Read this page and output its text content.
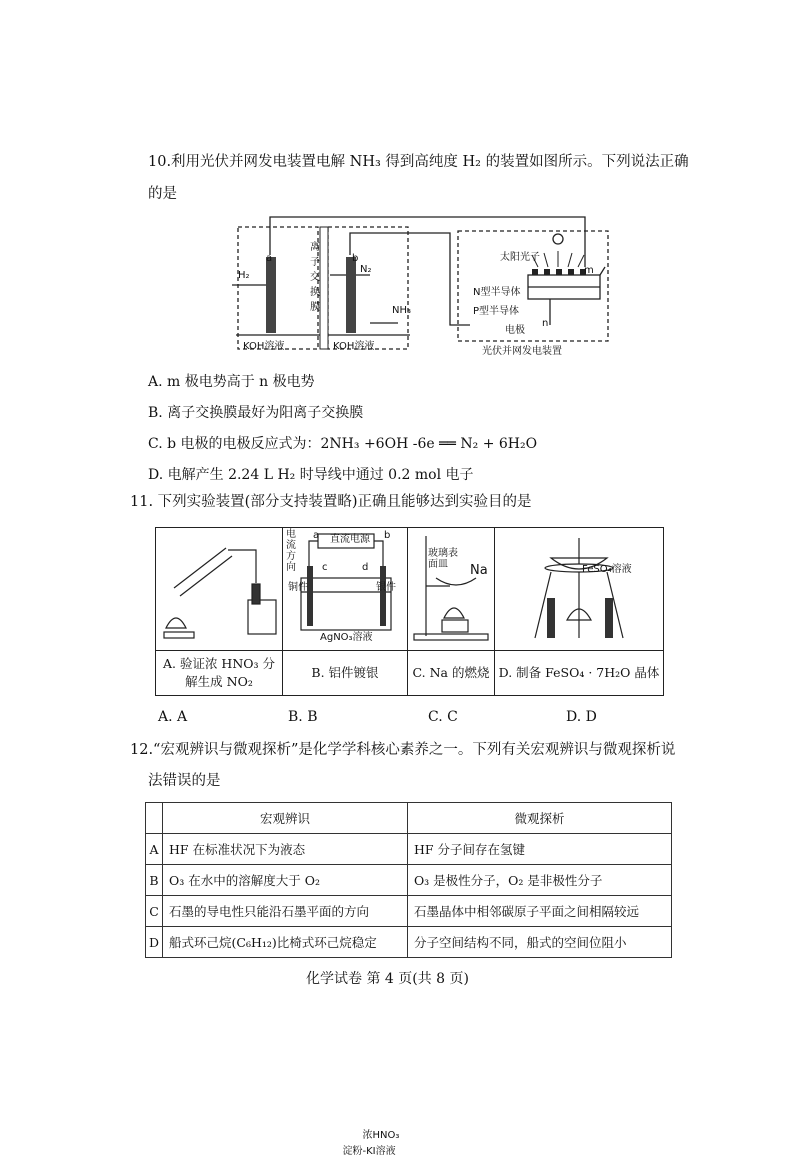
10.利用光伏并网发电装置电解 NH₃ 得到高纯度 H₂ 的装置如图所示。下列说法正确
的是
a	b
H₂
N₂
NH₃
离
子
交
换
膜
KOH溶液	KOH溶液
太阳光子
m
N型半导体
P型半导体
电极
n
光伏并网发电装置
A. m 极电势高于 n 极电势
B. 离子交换膜最好为阳离子交换膜
C. b 电极的电极反应式为：2NH₃ +6OH -6e ══ N₂ + 6H₂O
D. 电解产生 2.24 L H₂ 时导线中通过 0.2 mol 电子
11. 下列实验装置(部分支持装置略)正确且能够达到实验目的是
浓HNO₃
淀粉-KI溶液

A. 验证浓 HNO₃ 分
解生成 NO₂	B. 铝件镀银	C. Na 的燃烧	D. 制备 FeSO₄ · 7H₂O 晶体
电流方向
a 直流电源 b
c	d
铜件	银件
AgNO₃溶液
玻璃表面皿	Na	FeSO₄溶液
A. A	B. B	C. C	D. D
12.“宏观辨识与微观探析”是化学学科核心素养之一。下列有关宏观辨识与微观探析说
法错误的是
	宏观辨识	微观探析
A	HF 在标准状况下为液态	HF 分子间存在氢键
B	O₃ 在水中的溶解度大于 O₂	O₃ 是极性分子，O₂ 是非极性分子
C	石墨的导电性只能沿石墨平面的方向	石墨晶体中相邻碳原子平面之间相隔较远
D	船式环己烷(C₆H₁₂)比椅式环己烷稳定	分子空间结构不同，船式的空间位阻小
化学试卷 第 4 页(共 8 页)
